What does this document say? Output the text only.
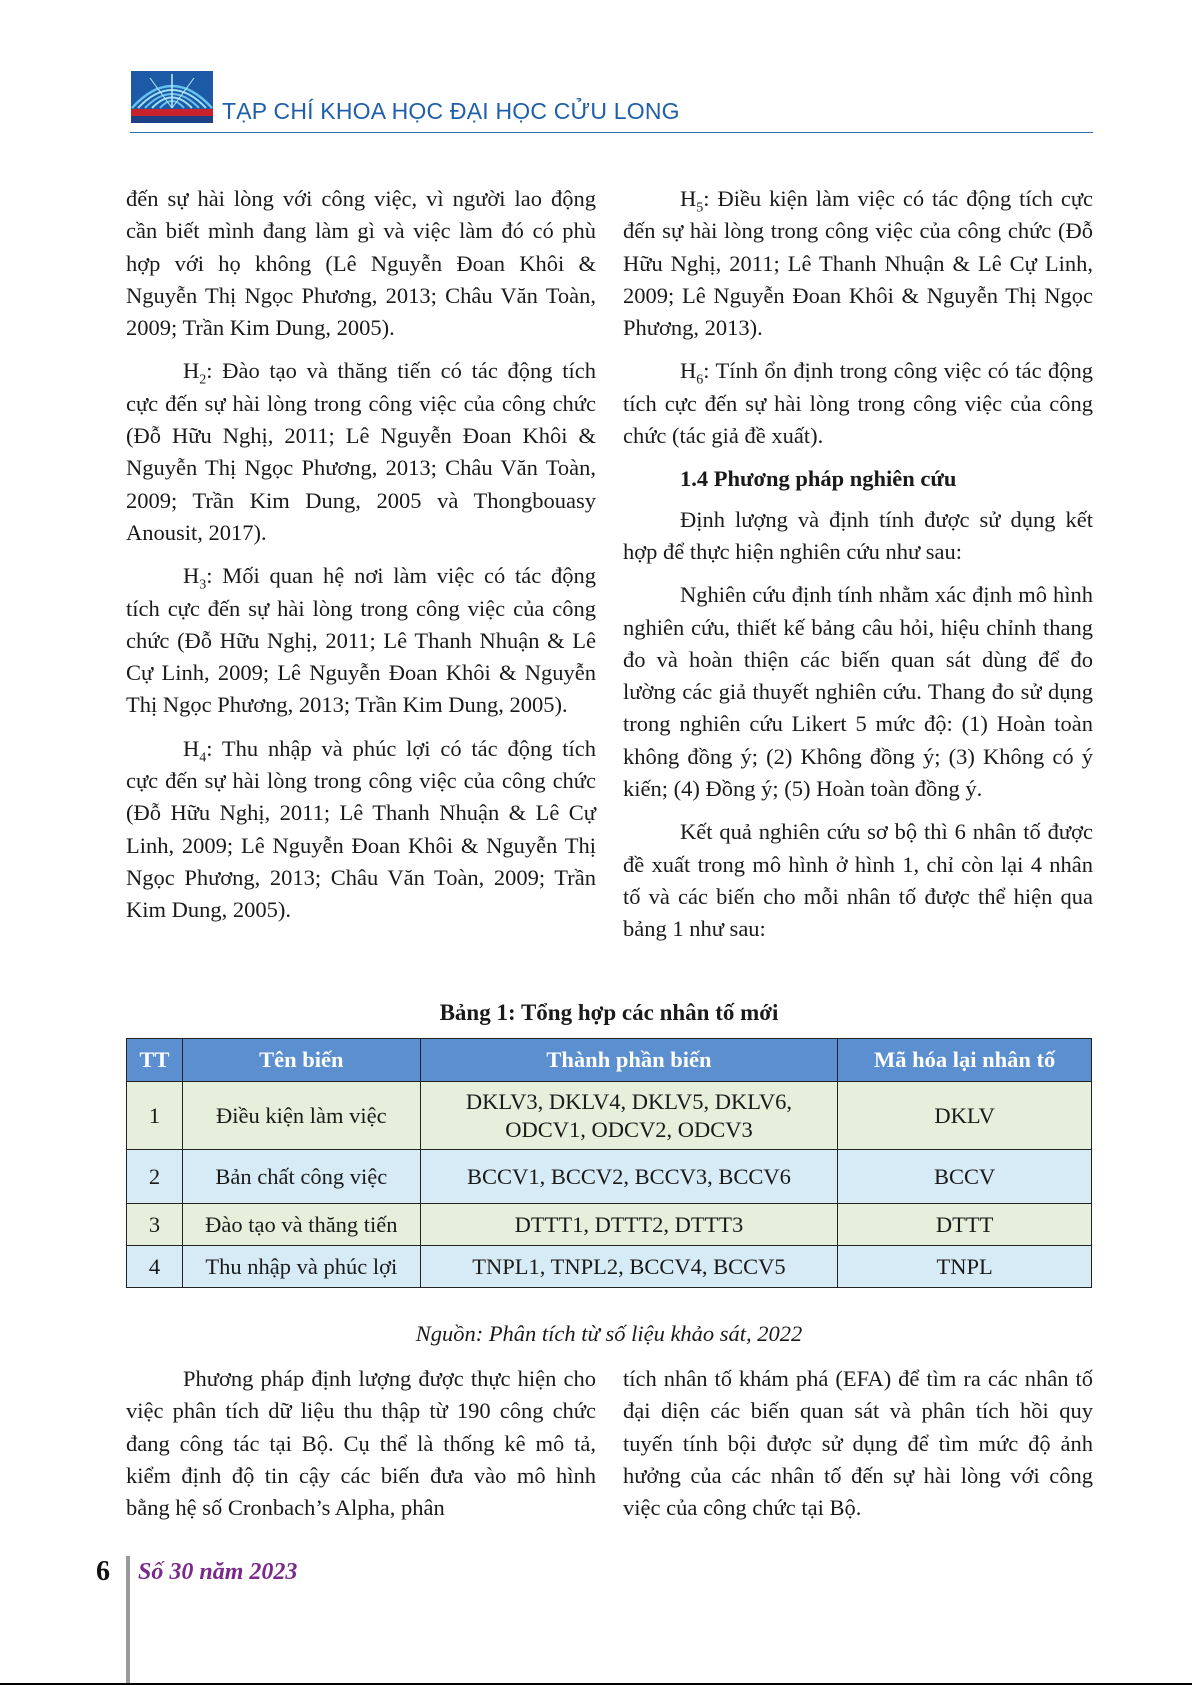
TẠP CHÍ KHOA HỌC ĐẠI HỌC CỬU LONG

đến sự hài lòng với công việc, vì người lao động cần biết mình đang làm gì và việc làm đó có phù hợp với họ không (Lê Nguyễn Đoan Khôi & Nguyễn Thị Ngọc Phương, 2013; Châu Văn Toàn, 2009; Trần Kim Dung, 2005).

$H_2$: Đào tạo và thăng tiến có tác động tích cực đến sự hài lòng trong công việc của công chức (Đỗ Hữu Nghị, 2011; Lê Nguyễn Đoan Khôi & Nguyễn Thị Ngọc Phương, 2013; Châu Văn Toàn, 2009; Trần Kim Dung, 2005 và Thongbouasy Anousit, 2017).

$H_3$: Mối quan hệ nơi làm việc có tác động tích cực đến sự hài lòng trong công việc của công chức (Đỗ Hữu Nghị, 2011; Lê Thanh Nhuận & Lê Cự Linh, 2009; Lê Nguyễn Đoan Khôi & Nguyễn Thị Ngọc Phương, 2013; Trần Kim Dung, 2005).

$H_4$: Thu nhập và phúc lợi có tác động tích cực đến sự hài lòng trong công việc của công chức (Đỗ Hữu Nghị, 2011; Lê Thanh Nhuận & Lê Cự Linh, 2009; Lê Nguyễn Đoan Khôi & Nguyễn Thị Ngọc Phương, 2013; Châu Văn Toàn, 2009; Trần Kim Dung, 2005).

$H_5$: Điều kiện làm việc có tác động tích cực đến sự hài lòng trong công việc của công chức (Đỗ Hữu Nghị, 2011; Lê Thanh Nhuận & Lê Cự Linh, 2009; Lê Nguyễn Đoan Khôi & Nguyễn Thị Ngọc Phương, 2013).

$H_6$: Tính ổn định trong công việc có tác động tích cực đến sự hài lòng trong công việc của công chức (tác giả đề xuất).

1.4 Phương pháp nghiên cứu

Định lượng và định tính được sử dụng kết hợp để thực hiện nghiên cứu như sau:

Nghiên cứu định tính nhằm xác định mô hình nghiên cứu, thiết kế bảng câu hỏi, hiệu chỉnh thang đo và hoàn thiện các biến quan sát dùng để đo lường các giả thuyết nghiên cứu. Thang đo sử dụng trong nghiên cứu Likert 5 mức độ: (1) Hoàn toàn không đồng ý; (2) Không đồng ý; (3) Không có ý kiến; (4) Đồng ý; (5) Hoàn toàn đồng ý.

Kết quả nghiên cứu sơ bộ thì 6 nhân tố được đề xuất trong mô hình ở hình 1, chỉ còn lại 4 nhân tố và các biến cho mỗi nhân tố được thể hiện qua bảng 1 như sau:

Bảng 1: Tổng hợp các nhân tố mới
TT	Tên biến	Thành phần biến	Mã hóa lại nhân tố
1	Điều kiện làm việc	DKLV3, DKLV4, DKLV5, DKLV6, ODCV1, ODCV2, ODCV3	DKLV
2	Bản chất công việc	BCCV1, BCCV2, BCCV3, BCCV6	BCCV
3	Đào tạo và thăng tiến	DTTT1, DTTT2, DTTT3	DTTT
4	Thu nhập và phúc lợi	TNPL1, TNPL2, BCCV4, BCCV5	TNPL
Nguồn: Phân tích từ số liệu khảo sát, 2022

Phương pháp định lượng được thực hiện cho việc phân tích dữ liệu thu thập từ 190 công chức đang công tác tại Bộ. Cụ thể là thống kê mô tả, kiểm định độ tin cậy các biến đưa vào mô hình bằng hệ số Cronbach’s Alpha, phân

tích nhân tố khám phá (EFA) để tìm ra các nhân tố đại diện các biến quan sát và phân tích hồi quy tuyến tính bội được sử dụng để tìm mức độ ảnh hưởng của các nhân tố đến sự hài lòng với công việc của công chức tại Bộ.

6 Số 30 năm 2023
